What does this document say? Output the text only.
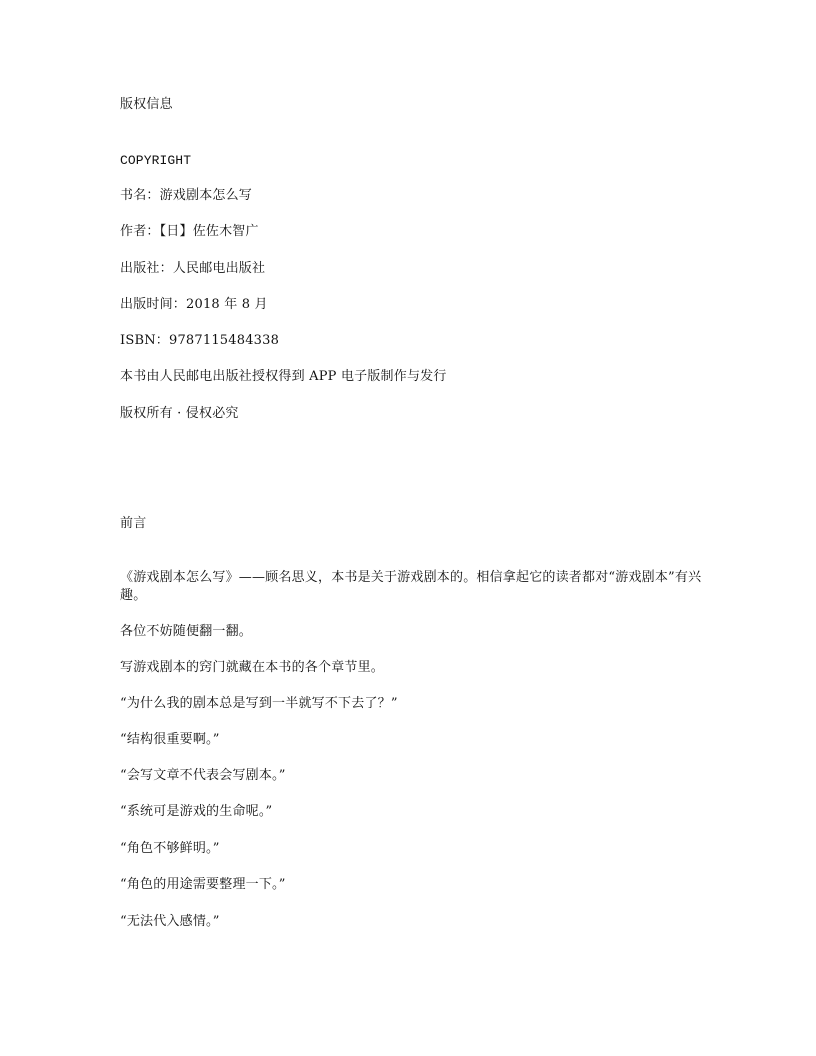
版权信息
COPYRIGHT
书名：游戏剧本怎么写
作者：【日】佐佐木智广
出版社：人民邮电出版社
出版时间：2018 年 8 月
ISBN：9787115484338
本书由人民邮电出版社授权得到 APP 电子版制作与发行
版权所有 · 侵权必究
前言
《游戏剧本怎么写》——顾名思义，本书是关于游戏剧本的。相信拿起它的读者都对“游戏剧本”有兴趣。
各位不妨随便翻一翻。
写游戏剧本的窍门就藏在本书的各个章节里。
“为什么我的剧本总是写到一半就写不下去了？”
“结构很重要啊。”
“会写文章不代表会写剧本。”
“系统可是游戏的生命呢。”
“角色不够鲜明。”
“角色的用途需要整理一下。”
“无法代入感情。”
